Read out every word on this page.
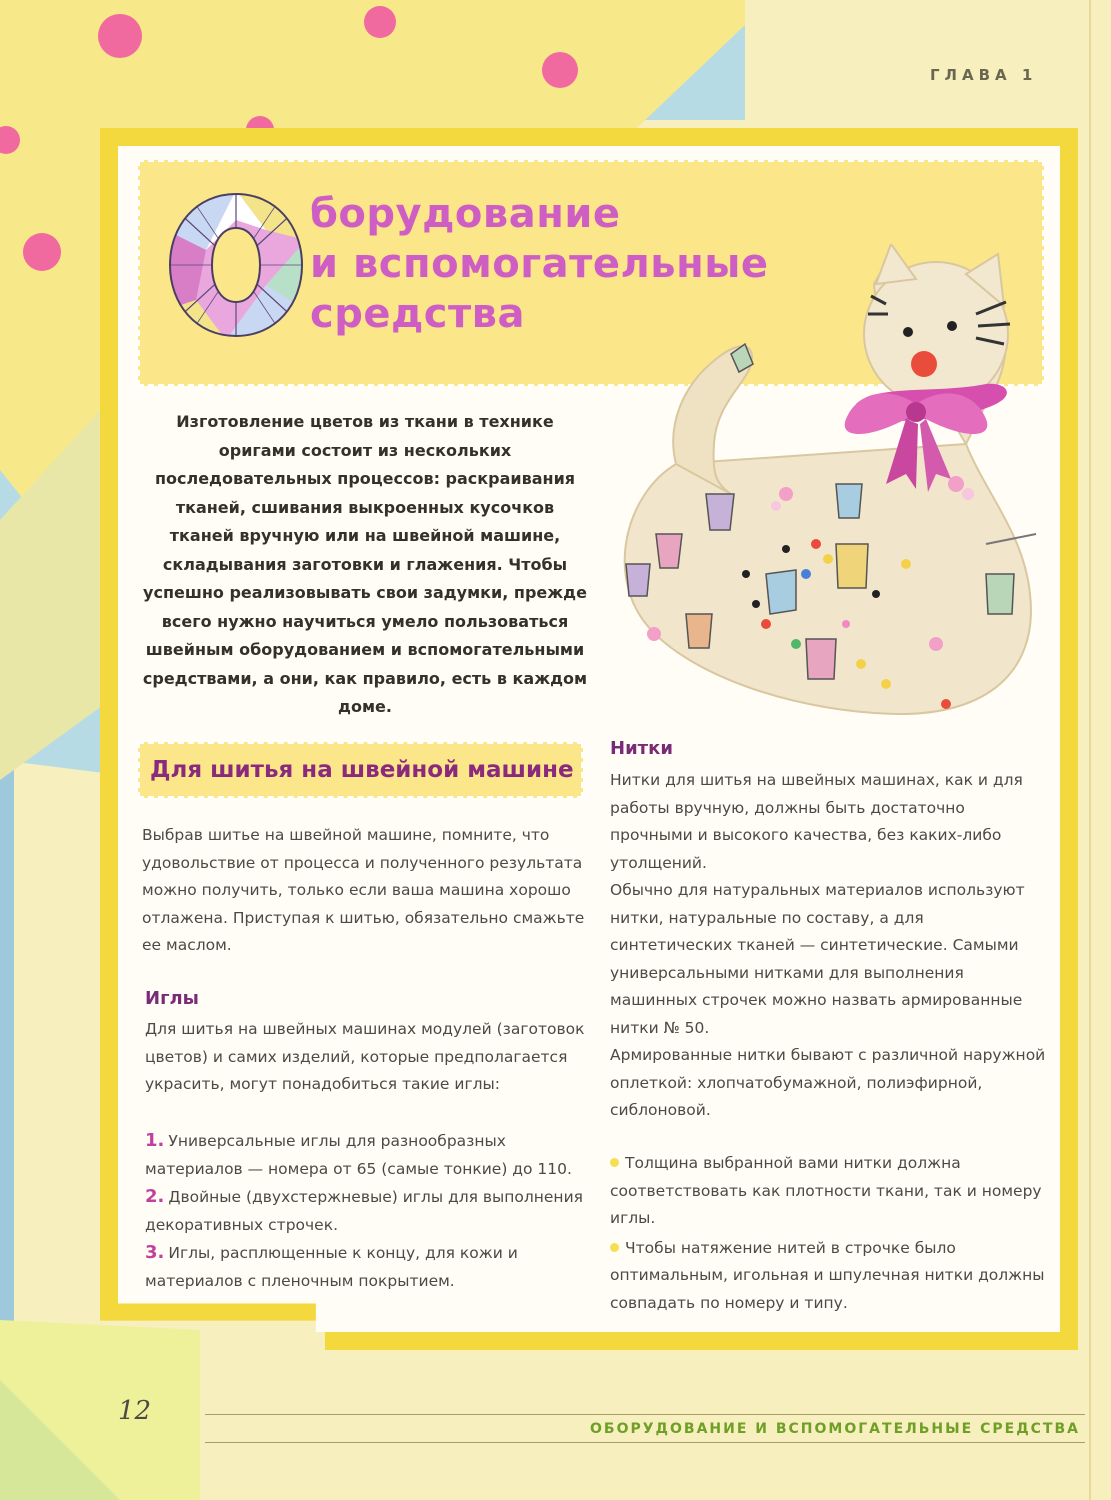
ГЛАВА 1

борудование

и вспомогательные

средства

Изготовление цветов из ткани в технике оригами состоит из нескольких последовательных процессов: раскраивания тканей, сшивания выкроенных кусочков тканей вручную или на швейной машине, складывания заготовки и глажения. Чтобы успешно реализовывать свои задумки, прежде всего нужно научиться умело пользоваться швейным оборудованием и вспомогательными средствами, а они, как правило, есть в каждом доме.

Для шитья на швейной машине

Выбрав шитье на швейной машине, помните, что удовольствие от процесса и полученного результата можно получить, только если ваша машина хорошо отлажена. Приступая к шитью, обязательно смажьте ее маслом.

Иглы

Для шитья на швейных машинах модулей (заготовок цветов) и самих изделий, которые предполагается украсить, могут понадобиться такие иглы:

1. Универсальные иглы для разнообразных материалов — номера от 65 (самые тонкие) до 110.
2. Двойные (двухстержневые) иглы для выполнения декоративных строчек.
3. Иглы, расплющенные к концу, для кожи и материалов с пленочным покрытием.

Нитки

Нитки для шитья на швейных машинах, как и для работы вручную, должны быть достаточно прочными и высокого качества, без каких-либо утолщений.

Обычно для натуральных материалов используют нитки, натуральные по составу, а для синтетических тканей — синтетические. Самыми универсальными нитками для выполнения машинных строчек можно назвать армированные нитки № 50.

Армированные нитки бывают с различной наружной оплеткой: хлопчатобумажной, полиэфирной, сиблоновой.

Толщина выбранной вами нитки должна соответствовать как плотности ткани, так и номеру иглы.
Чтобы натяжение нитей в строчке было оптимальным, игольная и шпулечная нитки должны совпадать по номеру и типу.
12

ОБОРУДОВАНИЕ И ВСПОМОГАТЕЛЬНЫЕ СРЕДСТВА
